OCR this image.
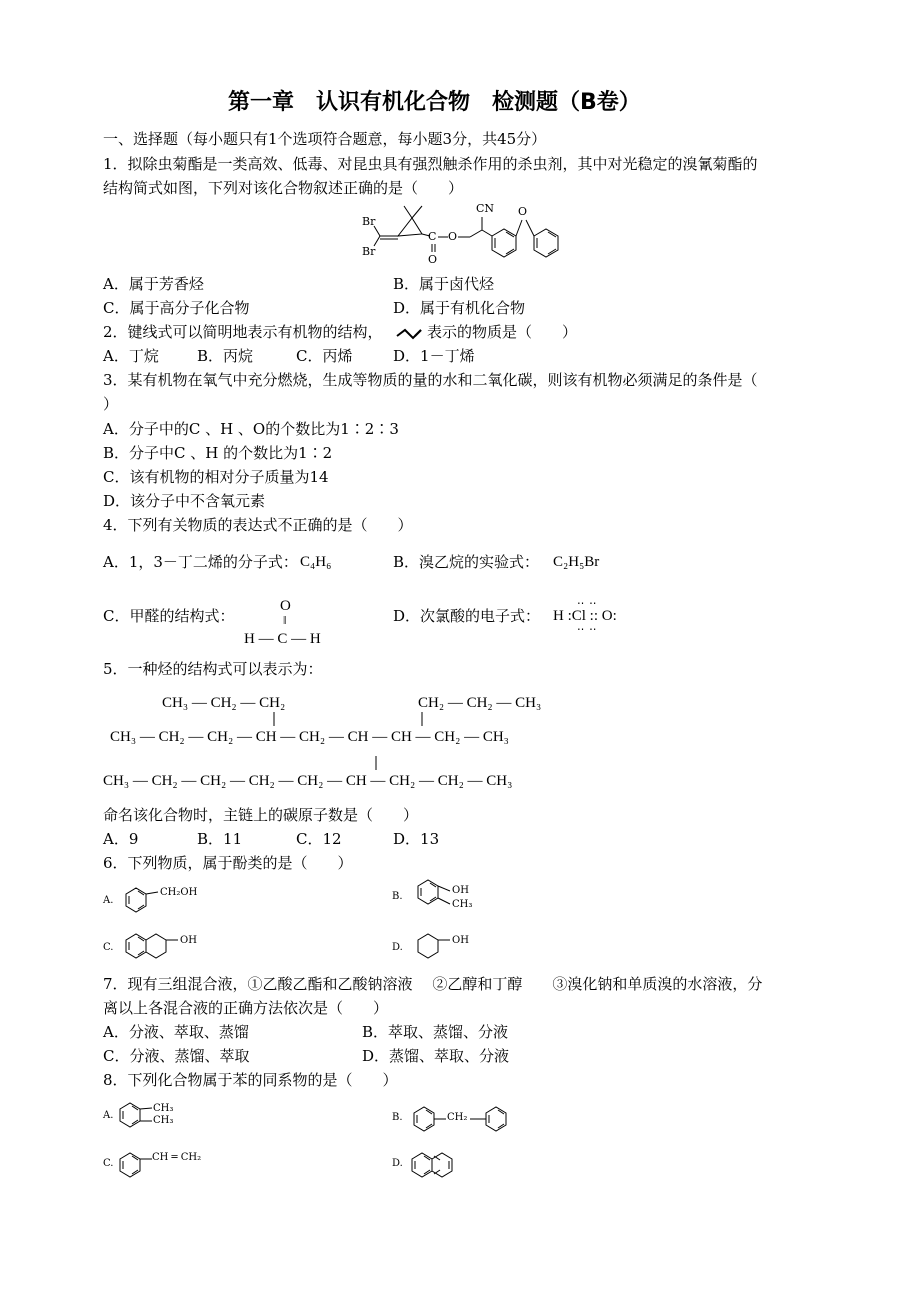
第一章　认识有机化合物　检测题（B卷）
一、选择题（每小题只有1个选项符合题意，每小题3分，共45分）
1．拟除虫菊酯是一类高效、低毒、对昆虫具有强烈触杀作用的杀虫剂，其中对光稳定的溴氰菊酯的
结构简式如图，下列对该化合物叙述正确的是（　　）
Br
Br
CN
O
O
C
O
A．属于芳香烃	B．属于卤代烃
C．属于高分子化合物	D．属于有机化合物
2．键线式可以简明地表示有机物的结构，	表示的物质是（　　）
A．丁烷	B．丙烷	C．丙烯	D．1－丁烯
3．某有机物在氧气中充分燃烧，生成等物质的量的水和二氧化碳，则该有机物必须满足的条件是（
）
A．分子中的C 、H 、O的个数比为1∶2∶3
B．分子中C 、H 的个数比为1∶2
C．该有机物的相对分子质量为14
D．该分子中不含氧元素
4．下列有关物质的表达式不正确的是（　　）
A．1，3－丁二烯的分子式： C₄H₆	B．溴乙烷的实验式： C₂H₅Br
C．甲醛的结构式：
O
‖
H — C — H
D．次氯酸的电子式：
‥ ‥
H :Cl :: O:
‥ ‥
5．一种烃的结构式可以表示为：
CH₃ — CH₂ — CH₂	CH₂ — CH₂ — CH₃
CH₃ — CH₂ — CH₂ — CH — CH₂ — CH — CH — CH₂ — CH₃
CH₃ — CH₂ — CH₂ — CH₂ — CH₂ — CH — CH₂ — CH₂ — CH₃
命名该化合物时，主链上的碳原子数是（　　）
A．9	B．11	C．12	D．13
6．下列物质，属于酚类的是（　　）
A.
CH₂OH	B.
OH
CH₃
C.
OH
D.
OH
7．现有三组混合液，①乙酸乙酯和乙酸钠溶液　 ②乙醇和丁醇　　③溴化钠和单质溴的水溶液，分
离以上各混合液的正确方法依次是（　　）
A．分液、萃取、蒸馏	B．萃取、蒸馏、分液
C．分液、蒸馏、萃取	D．蒸馏、萃取、分液
8．下列化合物属于苯的同系物的是（　　）
A.
CH₃
CH₃	B.	CH₂
C.
CH ═ CH₂
D.
